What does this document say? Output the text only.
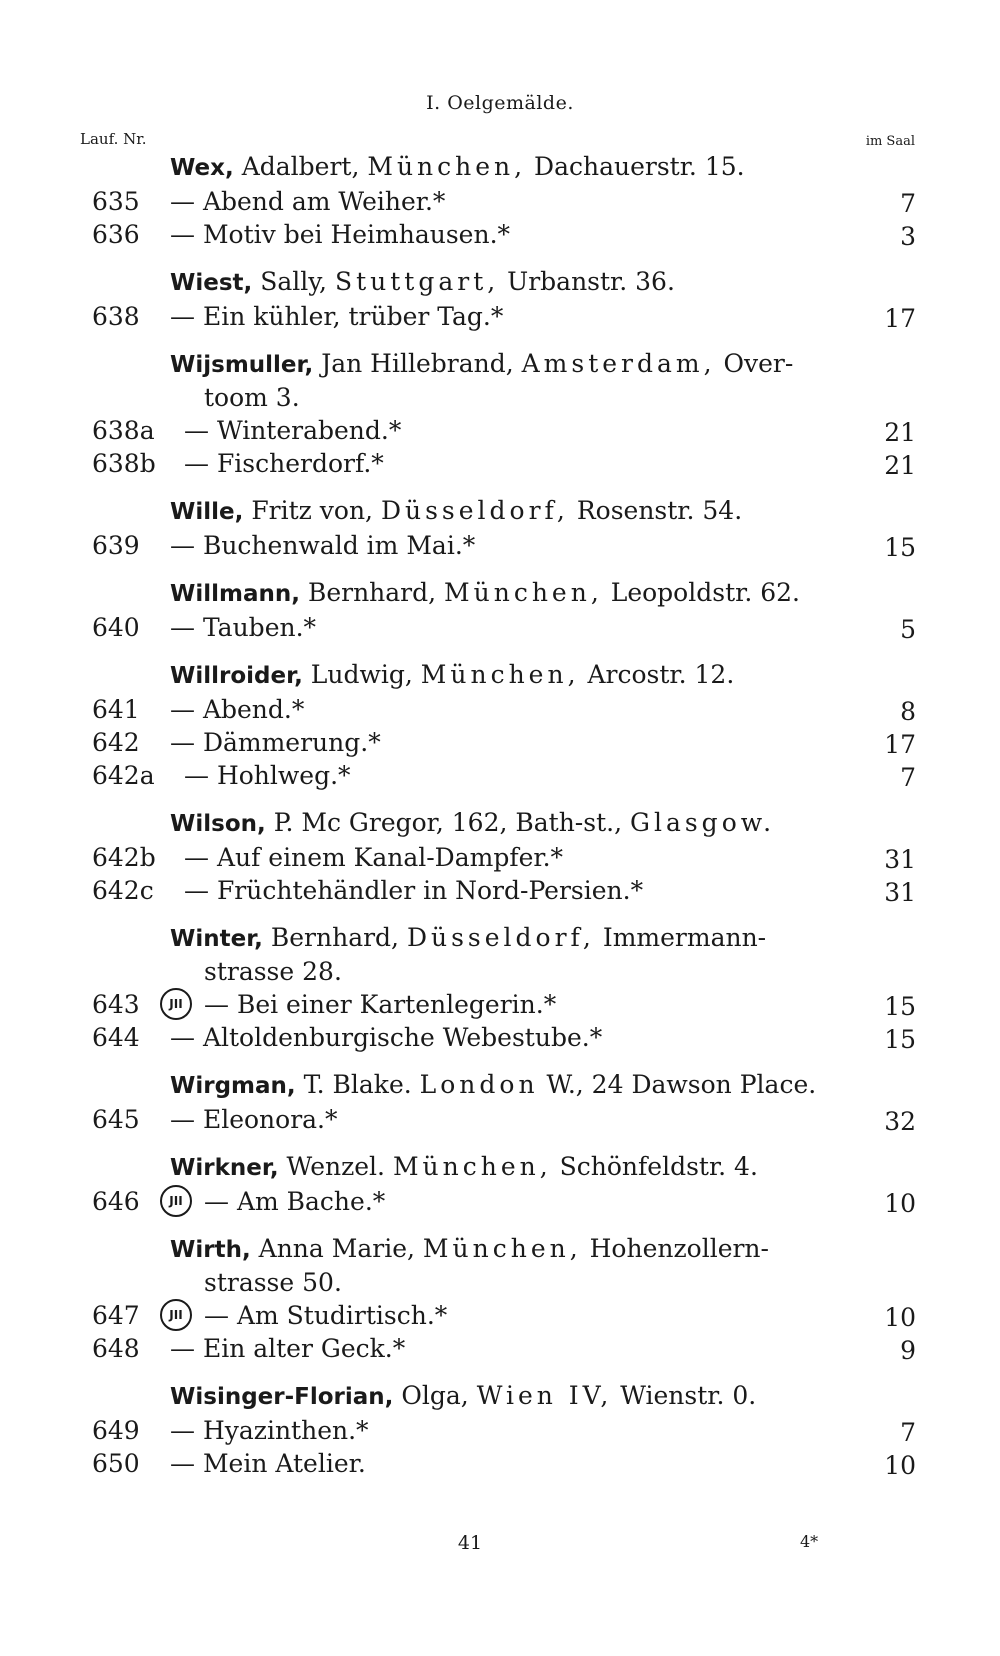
I. Oelgemälde.
Lauf. Nr.	im Saal
Wex, Adalbert, München, Dachauerstr. 15.
635 — Abend am Weiher.*	7
636 — Motiv bei Heimhausen.*	3
Wiest, Sally, Stuttgart, Urbanstr. 36.
638 — Ein kühler, trüber Tag.*	17
Wijsmuller, Jan Hillebrand, Amsterdam, Over-
toom 3.
638a — Winterabend.*	21
638b — Fischerdorf.*	21
Wille, Fritz von, Düsseldorf, Rosenstr. 54.
639 — Buchenwald im Mai.*	15
Willmann, Bernhard, München, Leopoldstr. 62.
640 — Tauben.*	5
Willroider, Ludwig, München, Arcostr. 12.
641 — Abend.*	8
642 — Dämmerung.*	17
642a — Hohlweg.*	7
Wilson, P. Mc Gregor, 162, Bath-st., Glasgow.
642b — Auf einem Kanal-Dampfer.*	31
642c — Früchtehändler in Nord-Persien.*	31
Winter, Bernhard, Düsseldorf, Immermann-
strasse 28.
643	JII — Bei einer Kartenlegerin.*	15
644 — Altoldenburgische Webestube.*	15
Wirgman, T. Blake. London W., 24 Dawson Place.
645 — Eleonora.*	32
Wirkner, Wenzel. München, Schönfeldstr. 4.
646	JII — Am Bache.*	10
Wirth, Anna Marie, München, Hohenzollern-
strasse 50.
647	JII — Am Studirtisch.*	10
648 — Ein alter Geck.*	9
Wisinger-Florian, Olga, Wien IV, Wienstr. 0.
649 — Hyazinthen.*	7
650 — Mein Atelier.	10
41	4*
